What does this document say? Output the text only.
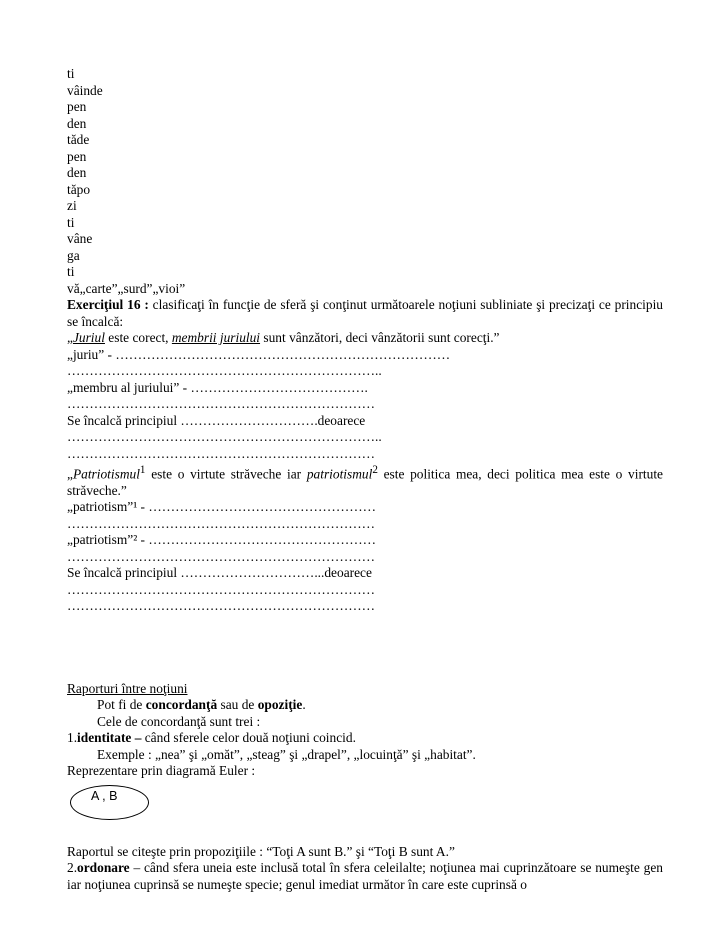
ti
vâinde
pen
den
tăde
pen
den
tăpo
zi
ti
vâne
ga
ti
vă„carte”„surd”„vioi”
Exerciţiul 16 : clasificaţi în funcţie de sferă şi conţinut următoarele noţiuni subliniate şi precizaţi ce principiu se încalcă:
„Juriul este corect, membrii juriului sunt vânzători, deci vânzătorii sunt corecţi.”
„juriu” - …………………………………………………………………
……………………………………………………………..
„membru al juriului” - ………………………………….
……………………………………………………………
Se încalcă principiul ………………………….deoarece
……………………………………………………………..
……………………………………………………………
„Patriotismul$^1$ este o virtute străveche iar patriotismul$^2$ este politica mea, deci politica mea este o virtute străveche.”
„patriotism”¹ - ……………………………………………
……………………………………………………………
„patriotism”² - ……………………………………………
……………………………………………………………
Se încalcă principiul …………………………...deoarece
……………………………………………………………
……………………………………………………………
Raporturi între noţiuni
Pot fi de concordanţă sau de opoziţie.
Cele de concordanţă sunt trei :
1.identitate – când sferele celor două noţiuni coincid.
Exemple : „nea” şi „omăt”, „steag” şi „drapel”, „locuinţă” şi „habitat”.
Reprezentare prin diagramă Euler :
A , B
Raportul se citeşte prin propoziţiile : “Toţi A sunt B.” şi “Toţi B sunt A.”
2.ordonare – când sfera uneia este inclusă total în sfera celeilalte; noţiunea mai cuprinzătoare se numeşte gen iar noţiunea cuprinsă se numeşte specie; genul imediat următor în care este cuprinsă o
